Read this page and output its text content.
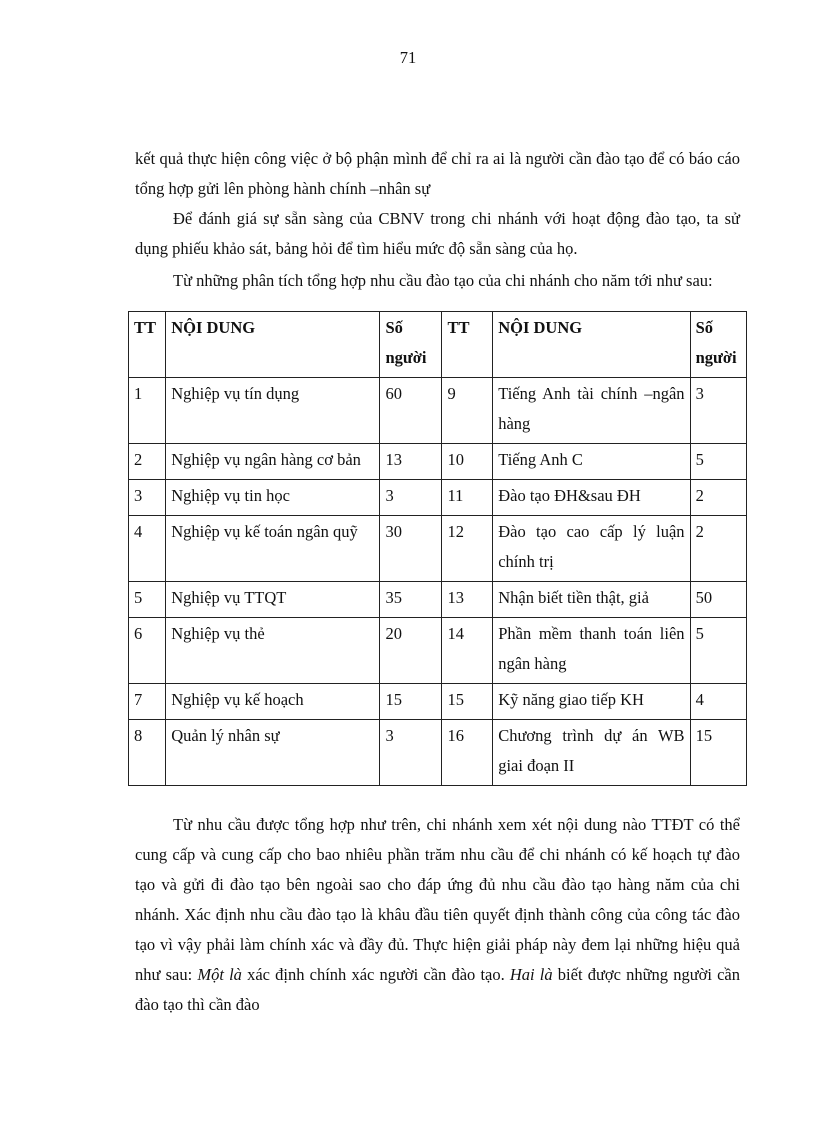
71

kết quả thực hiện công việc ở bộ phận mình để chỉ ra ai là người cần đào tạo để có báo cáo tổng hợp gửi lên phòng hành chính –nhân sự

Để đánh giá sự sẵn sàng của CBNV trong chi nhánh với hoạt động đào tạo, ta sử dụng phiếu khảo sát, bảng hỏi để tìm hiểu mức độ sẵn sàng của họ.

Từ những phân tích tổng hợp nhu cầu đào tạo của chi nhánh cho năm tới như sau:

TT	NỘI DUNG	Số người	TT	NỘI DUNG	Số người
1	Nghiệp vụ tín dụng	60	9	Tiếng Anh tài chính –ngân hàng	3
2	Nghiệp vụ ngân hàng cơ bản	13	10	Tiếng Anh C	5
3	Nghiệp vụ tin học	3	11	Đào tạo ĐH&sau ĐH	2
4	Nghiệp vụ kế toán ngân quỹ	30	12	Đào tạo cao cấp lý luận chính trị	2
5	Nghiệp vụ TTQT	35	13	Nhận biết tiền thật, giả	50
6	Nghiệp vụ thẻ	20	14	Phần mềm thanh toán liên ngân hàng	5
7	Nghiệp vụ kế hoạch	15	15	Kỹ năng giao tiếp KH	4
8	Quản lý nhân sự	3	16	Chương trình dự án WB giai đoạn II	15

Từ nhu cầu được tổng hợp như trên, chi nhánh xem xét nội dung nào TTĐT có thể cung cấp và cung cấp cho bao nhiêu phần trăm nhu cầu để chi nhánh có kế hoạch tự đào tạo và gửi đi đào tạo bên ngoài sao cho đáp ứng đủ nhu cầu đào tạo hàng năm của chi nhánh. Xác định nhu cầu đào tạo là khâu đầu tiên quyết định thành công của công tác đào tạo vì vậy phải làm chính xác và đầy đủ. Thực hiện giải pháp này đem lại những hiệu quả như sau: Một là xác định chính xác người cần đào tạo. Hai là biết được những người cần đào tạo thì cần đào
